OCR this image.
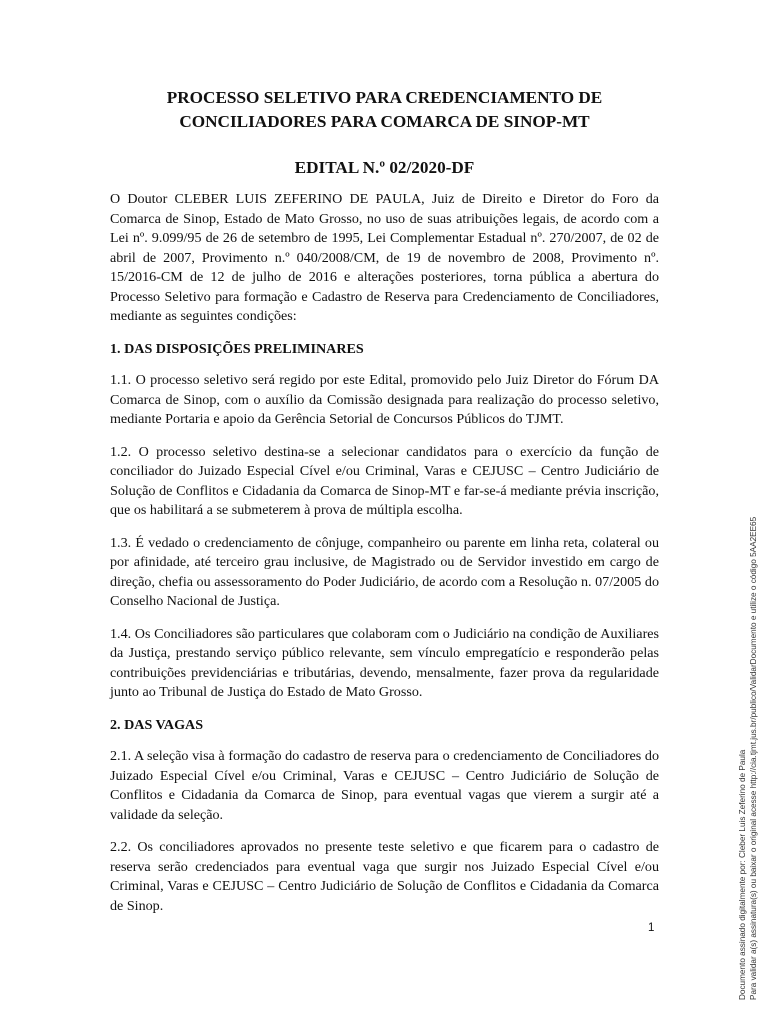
PROCESSO SELETIVO PARA CREDENCIAMENTO DE
CONCILIADORES PARA COMARCA DE SINOP-MT
EDITAL N.º 02/2020-DF

O Doutor CLEBER LUIS ZEFERINO DE PAULA, Juiz de Direito e Diretor do Foro da Comarca de Sinop, Estado de Mato Grosso, no uso de suas atribuições legais, de acordo com a Lei nº. 9.099/95 de 26 de setembro de 1995, Lei Complementar Estadual nº. 270/2007, de 02 de abril de 2007, Provimento n.º 040/2008/CM, de 19 de novembro de 2008, Provimento nº. 15/2016-CM de 12 de julho de 2016 e alterações posteriores, torna pública a abertura do Processo Seletivo para formação e Cadastro de Reserva para Credenciamento de Conciliadores, mediante as seguintes condições:

1. DAS DISPOSIÇÕES PRELIMINARES

1.1. O processo seletivo será regido por este Edital, promovido pelo Juiz Diretor do Fórum DA Comarca de Sinop, com o auxílio da Comissão designada para realização do processo seletivo, mediante Portaria e apoio da Gerência Setorial de Concursos Públicos do TJMT.

1.2. O processo seletivo destina-se a selecionar candidatos para o exercício da função de conciliador do Juizado Especial Cível e/ou Criminal, Varas e CEJUSC – Centro Judiciário de Solução de Conflitos e Cidadania da Comarca de Sinop-MT e far-se-á mediante prévia inscrição, que os habilitará a se submeterem à prova de múltipla escolha.

1.3. É vedado o credenciamento de cônjuge, companheiro ou parente em linha reta, colateral ou por afinidade, até terceiro grau inclusive, de Magistrado ou de Servidor investido em cargo de direção, chefia ou assessoramento do Poder Judiciário, de acordo com a Resolução n. 07/2005 do Conselho Nacional de Justiça.

1.4. Os Conciliadores são particulares que colaboram com o Judiciário na condição de Auxiliares da Justiça, prestando serviço público relevante, sem vínculo empregatício e responderão pelas contribuições previdenciárias e tributárias, devendo, mensalmente, fazer prova da regularidade junto ao Tribunal de Justiça do Estado de Mato Grosso.

2. DAS VAGAS

2.1. A seleção visa à formação do cadastro de reserva para o credenciamento de Conciliadores do Juizado Especial Cível e/ou Criminal, Varas e CEJUSC – Centro Judiciário de Solução de Conflitos e Cidadania da Comarca de Sinop, para eventual vagas que vierem a surgir até a validade da seleção.

2.2. Os conciliadores aprovados no presente teste seletivo e que ficarem para o cadastro de reserva serão credenciados para eventual vaga que surgir nos Juizado Especial Cível e/ou Criminal, Varas e CEJUSC – Centro Judiciário de Solução de Conflitos e Cidadania da Comarca de Sinop.

1	Documento assinado digitalmente por: Cleber Luis Zeferino de Paula Para validar a(s) assinatura(s) ou baixar o original acesse http://cia.tjmt.jus.br/publico/ValidarDocumento e utilize o código 5AA2EE65
